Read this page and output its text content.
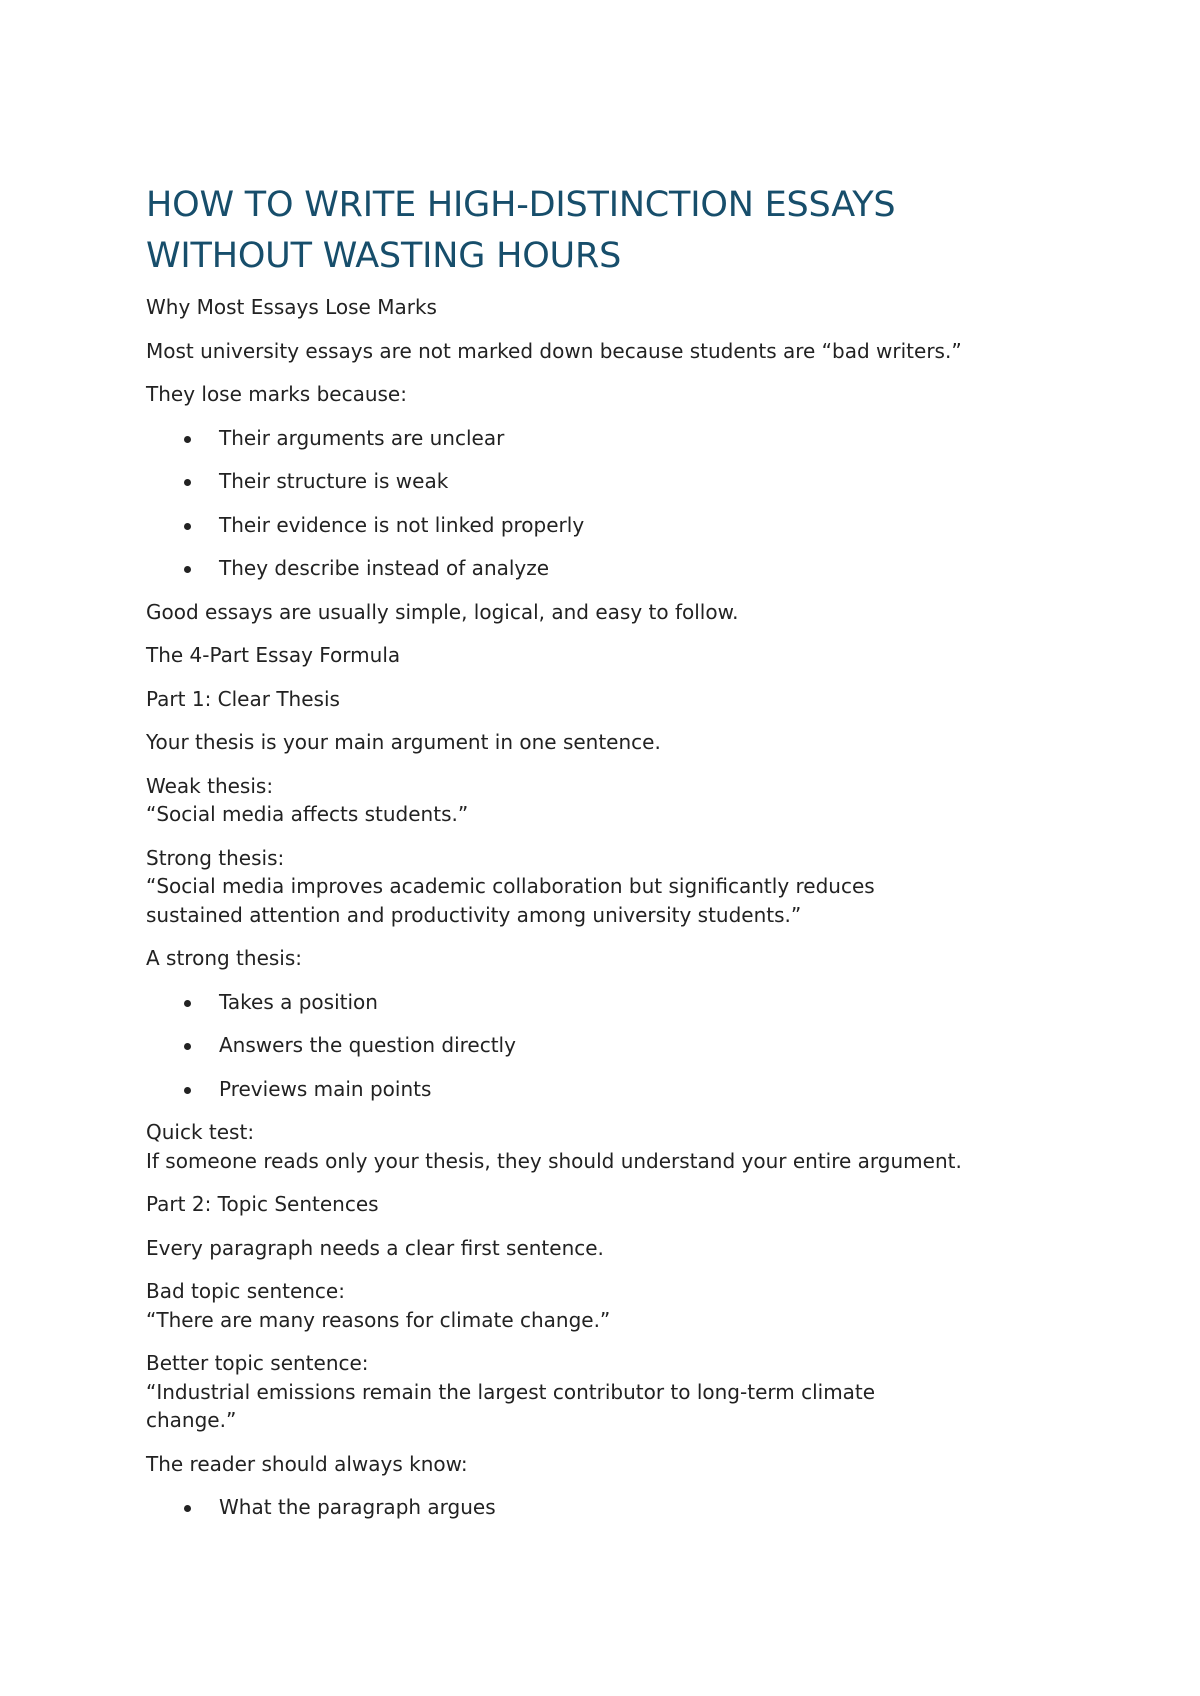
HOW TO WRITE HIGH-DISTINCTION ESSAYS
WITHOUT WASTING HOURS
Why Most Essays Lose Marks
Most university essays are not marked down because students are “bad writers.”
They lose marks because:
Their arguments are unclear
Their structure is weak
Their evidence is not linked properly
They describe instead of analyze
Good essays are usually simple, logical, and easy to follow.
The 4-Part Essay Formula
Part 1: Clear Thesis
Your thesis is your main argument in one sentence.
Weak thesis:
“Social media affects students.”
Strong thesis:
“Social media improves academic collaboration but significantly reduces
sustained attention and productivity among university students.”
A strong thesis:
Takes a position
Answers the question directly
Previews main points
Quick test:
If someone reads only your thesis, they should understand your entire argument.
Part 2: Topic Sentences
Every paragraph needs a clear first sentence.
Bad topic sentence:
“There are many reasons for climate change.”
Better topic sentence:
“Industrial emissions remain the largest contributor to long-term climate
change.”
The reader should always know:
What the paragraph argues
